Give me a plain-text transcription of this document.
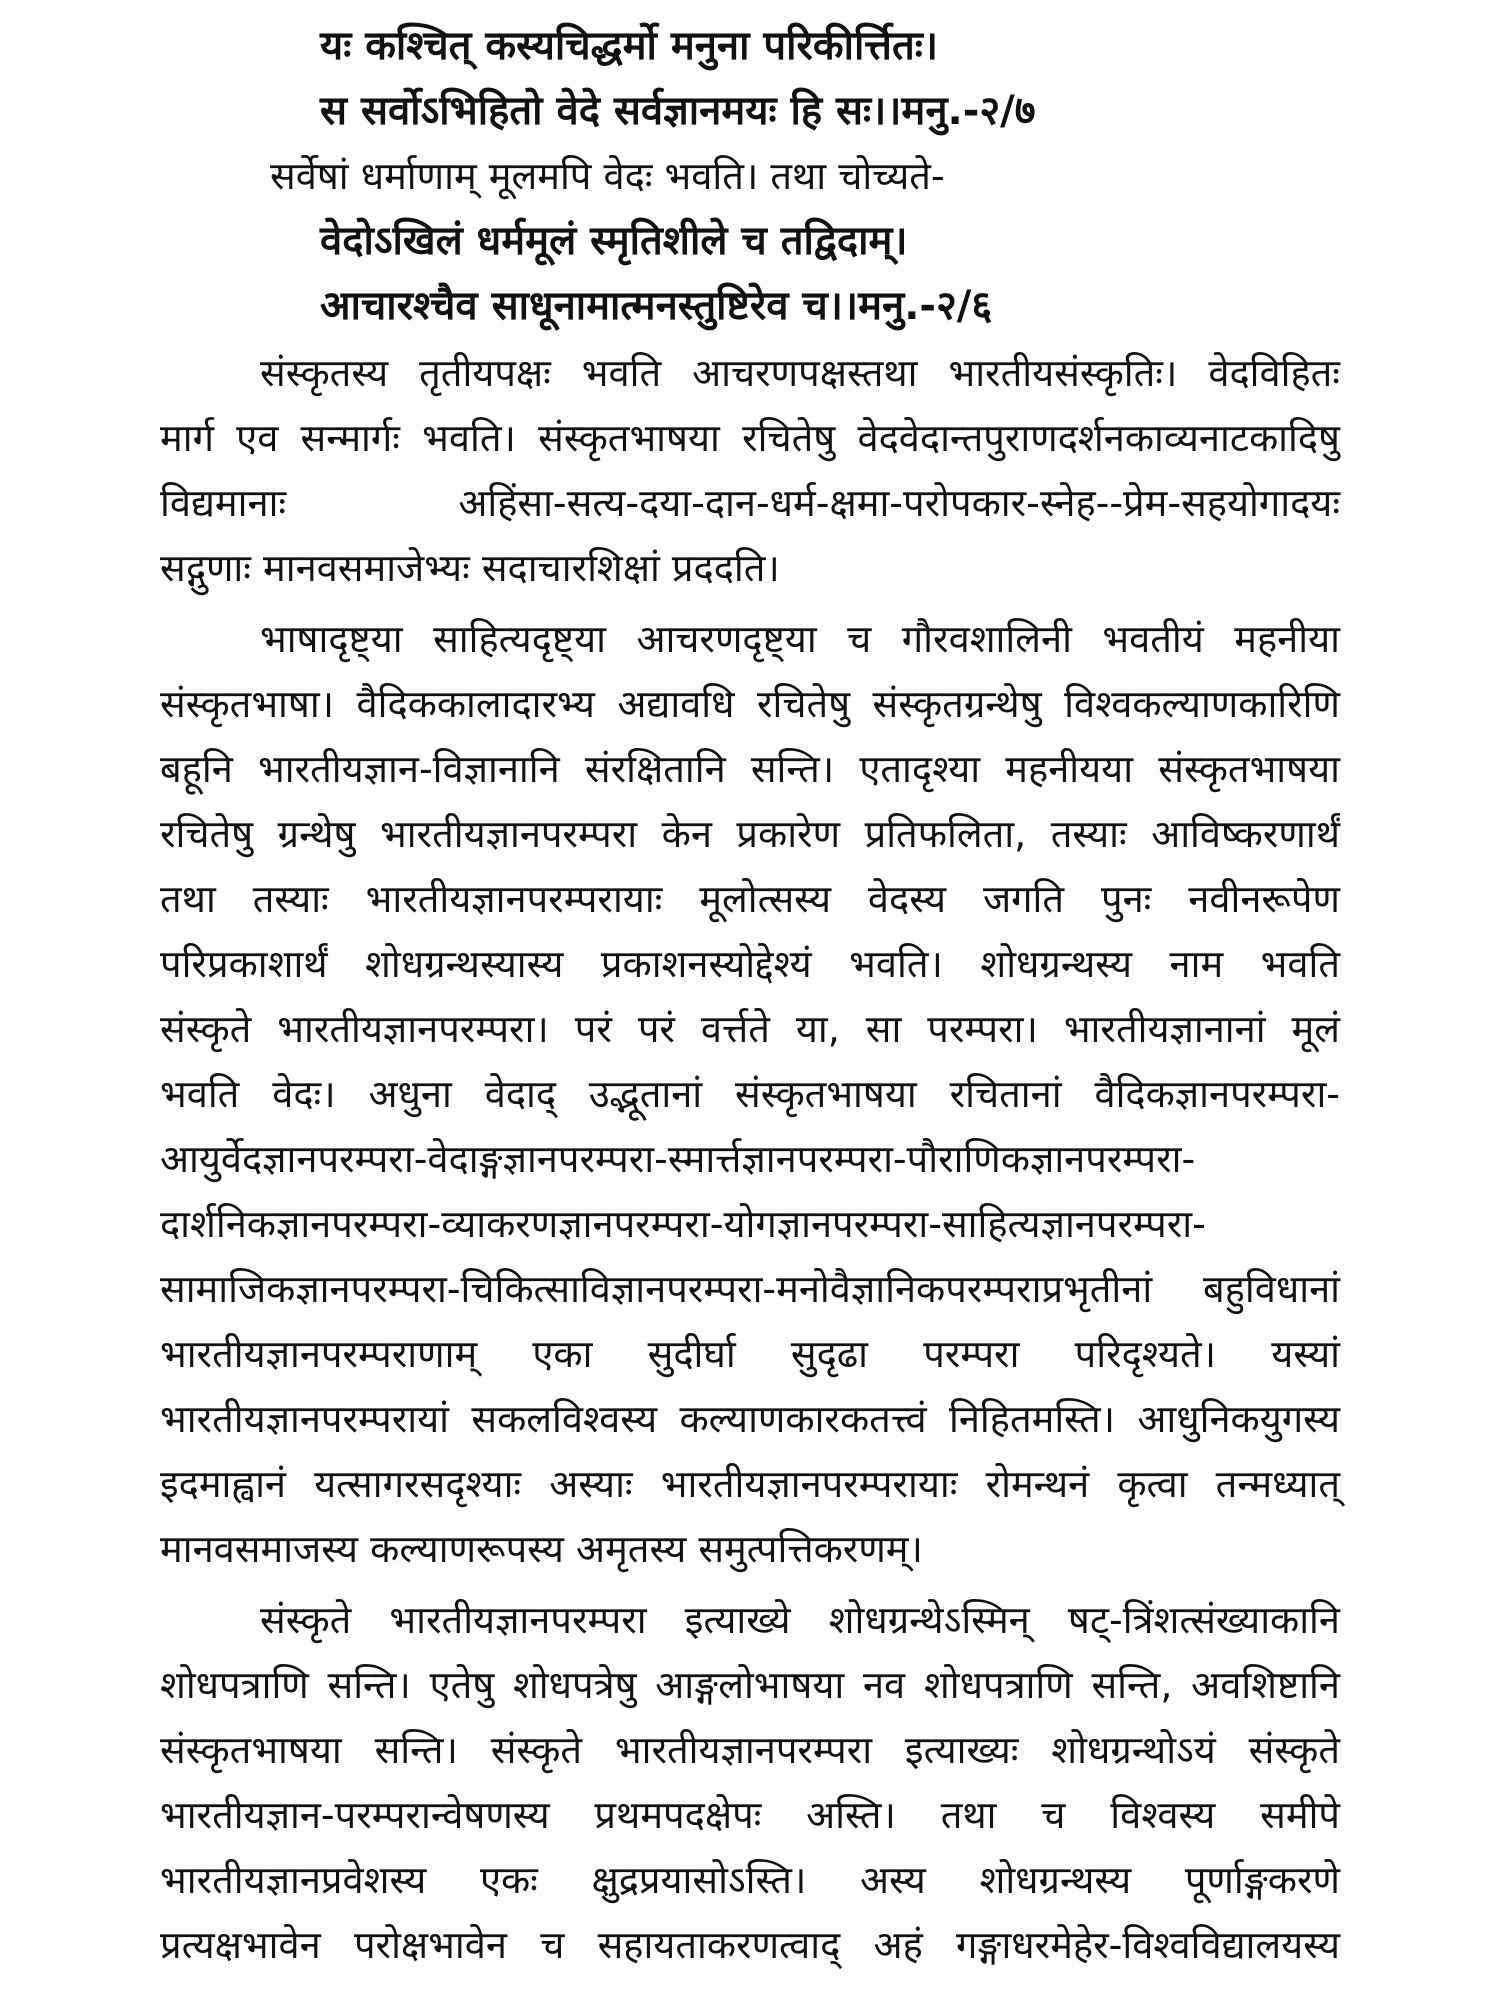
यः कश्चित् कस्यचिद्धर्मो मनुना परिकीर्त्तितः।
स सर्वोऽभिहितो वेदे सर्वज्ञानमयः हि सः।।मनु.-२/७
सर्वेषां धर्माणाम् मूलमपि वेदः भवति। तथा चोच्यते-
वेदोऽखिलं धर्ममूलं स्मृतिशीले च तद्विदाम्।
आचारश्चैव साधूनामात्मनस्तुष्टिरेव च।।मनु.-२/६
संस्कृतस्य तृतीयपक्षः भवति आचरणपक्षस्तथा भारतीयसंस्कृतिः। वेदविहितः
मार्ग एव सन्मार्गः भवति। संस्कृतभाषया रचितेषु वेदवेदान्तपुराणदर्शनकाव्यनाटकादिषु
विद्यमानाः अहिंसा-सत्य-दया-दान-धर्म-क्षमा-परोपकार-स्नेह--प्रेम-सहयोगादयः
सद्गुणाः मानवसमाजेभ्यः सदाचारशिक्षां प्रददति।
भाषादृष्ट्या साहित्यदृष्ट्या आचरणदृष्ट्या च गौरवशालिनी भवतीयं महनीया
संस्कृतभाषा। वैदिककालादारभ्य अद्यावधि रचितेषु संस्कृतग्रन्थेषु विश्वकल्याणकारिणि
बहूनि भारतीयज्ञान-विज्ञानानि संरक्षितानि सन्ति। एतादृश्या महनीयया संस्कृतभाषया
रचितेषु ग्रन्थेषु भारतीयज्ञानपरम्परा केन प्रकारेण प्रतिफलिता, तस्याः आविष्करणार्थं
तथा तस्याः भारतीयज्ञानपरम्परायाः मूलोत्सस्य वेदस्य जगति पुनः नवीनरूपेण
परिप्रकाशार्थं शोधग्रन्थस्यास्य प्रकाशनस्योद्देश्यं भवति। शोधग्रन्थस्य नाम भवति
संस्कृते भारतीयज्ञानपरम्परा। परं परं वर्त्तते या, सा परम्परा। भारतीयज्ञानानां मूलं
भवति वेदः। अधुना वेदाद् उद्भूतानां संस्कृतभाषया रचितानां वैदिकज्ञानपरम्परा-
आयुर्वेदज्ञानपरम्परा-वेदाङ्गज्ञानपरम्परा-स्मार्त्तज्ञानपरम्परा-पौराणिकज्ञानपरम्परा-
दार्शनिकज्ञानपरम्परा-व्याकरणज्ञानपरम्परा-योगज्ञानपरम्परा-साहित्यज्ञानपरम्परा-
सामाजिकज्ञानपरम्परा-चिकित्साविज्ञानपरम्परा-मनोवैज्ञानिकपरम्पराप्रभृतीनां बहुविधानां
भारतीयज्ञानपरम्पराणाम् एका सुदीर्घा सुदृढा परम्परा परिदृश्यते। यस्यां
भारतीयज्ञानपरम्परायां सकलविश्वस्य कल्याणकारकतत्त्वं निहितमस्ति। आधुनिकयुगस्य
इदमाह्वानं यत्सागरसदृश्याः अस्याः भारतीयज्ञानपरम्परायाः रोमन्थनं कृत्वा तन्मध्यात्
मानवसमाजस्य कल्याणरूपस्य अमृतस्य समुत्पत्तिकरणम्।
संस्कृते भारतीयज्ञानपरम्परा इत्याख्ये शोधग्रन्थेऽस्मिन् षट्-त्रिंशत्संख्याकानि
शोधपत्राणि सन्ति। एतेषु शोधपत्रेषु आङ्गलोभाषया नव शोधपत्राणि सन्ति, अवशिष्टानि
संस्कृतभाषया सन्ति। संस्कृते भारतीयज्ञानपरम्परा इत्याख्यः शोधग्रन्थोऽयं संस्कृते
भारतीयज्ञान-परम्परान्वेषणस्य प्रथमपदक्षेपः अस्ति। तथा च विश्वस्य समीपे
भारतीयज्ञानप्रवेशस्य एकः क्षुद्रप्रयासोऽस्ति। अस्य शोधग्रन्थस्य पूर्णाङ्गकरणे
प्रत्यक्षभावेन परोक्षभावेन च सहायताकरणत्वाद् अहं गङ्गाधरमेहेर-विश्वविद्यालयस्य
